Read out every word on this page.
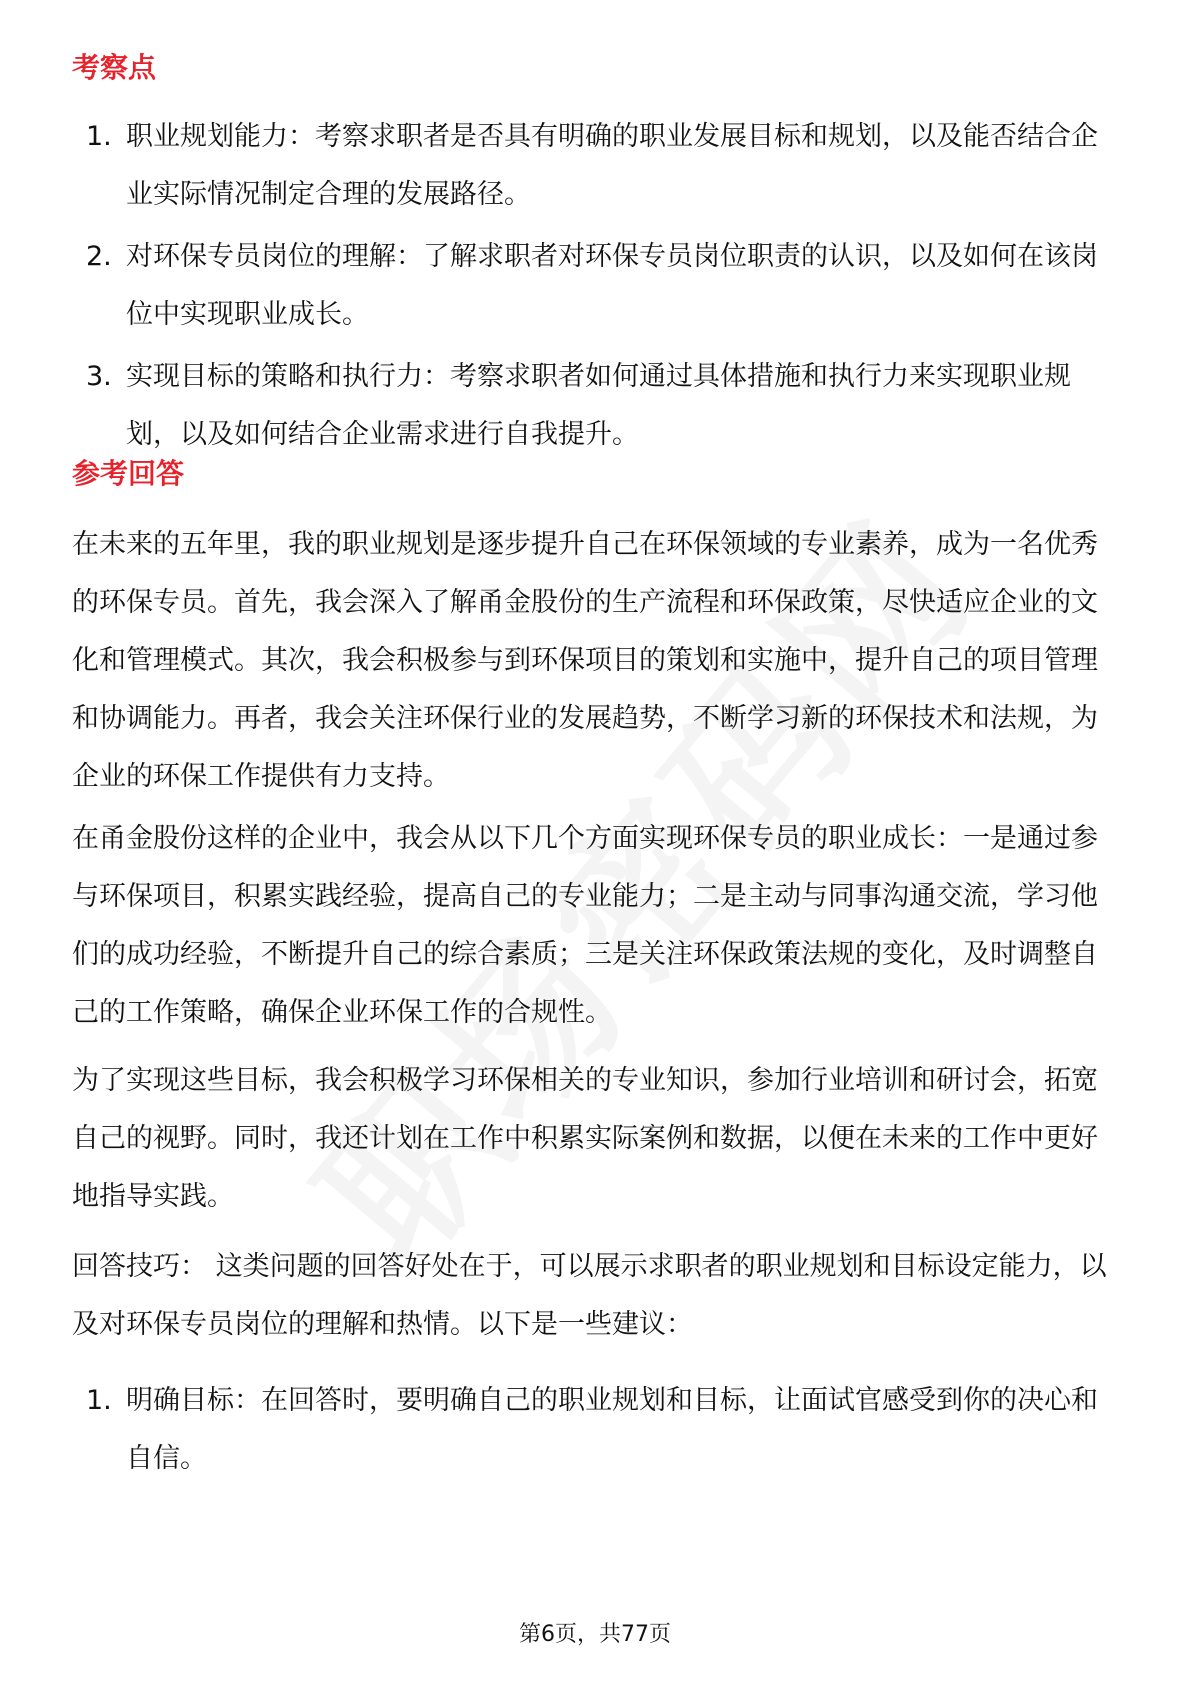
考察点
1. 职业规划能力：考察求职者是否具有明确的职业发展目标和规划，以及能否结合企业实际情况制定合理的发展路径。
2. 对环保专员岗位的理解：了解求职者对环保专员岗位职责的认识，以及如何在该岗位中实现职业成长。
3. 实现目标的策略和执行力：考察求职者如何通过具体措施和执行力来实现职业规划，以及如何结合企业需求进行自我提升。
参考回答

在未来的五年里，我的职业规划是逐步提升自己在环保领域的专业素养，成为一名优秀的环保专员。首先，我会深入了解甬金股份的生产流程和环保政策，尽快适应企业的文化和管理模式。其次，我会积极参与到环保项目的策划和实施中，提升自己的项目管理和协调能力。再者，我会关注环保行业的发展趋势，不断学习新的环保技术和法规，为企业的环保工作提供有力支持。

在甬金股份这样的企业中，我会从以下几个方面实现环保专员的职业成长：一是通过参与环保项目，积累实践经验，提高自己的专业能力；二是主动与同事沟通交流，学习他们的成功经验，不断提升自己的综合素质；三是关注环保政策法规的变化，及时调整自己的工作策略，确保企业环保工作的合规性。

为了实现这些目标，我会积极学习环保相关的专业知识，参加行业培训和研讨会，拓宽自己的视野。同时，我还计划在工作中积累实际案例和数据，以便在未来的工作中更好地指导实践。

回答技巧： 这类问题的回答好处在于，可以展示求职者的职业规划和目标设定能力，以及对环保专员岗位的理解和热情。以下是一些建议：

1. 明确目标：在回答时，要明确自己的职业规划和目标，让面试官感受到你的决心和自信。
第6页，共77页
